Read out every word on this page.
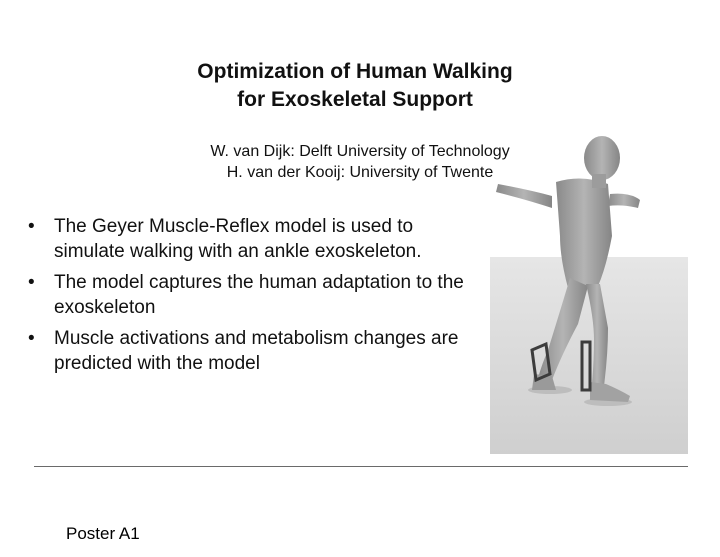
Optimization of Human Walking
for Exoskeletal Support
W. van Dijk: Delft University of Technology
H. van der Kooij: University of Twente
• The Geyer Muscle-Reflex model is used to simulate walking with an ankle exoskeleton.
• The model captures the human adaptation to the exoskeleton
• Muscle activations and metabolism changes are predicted with the model
Poster A1
